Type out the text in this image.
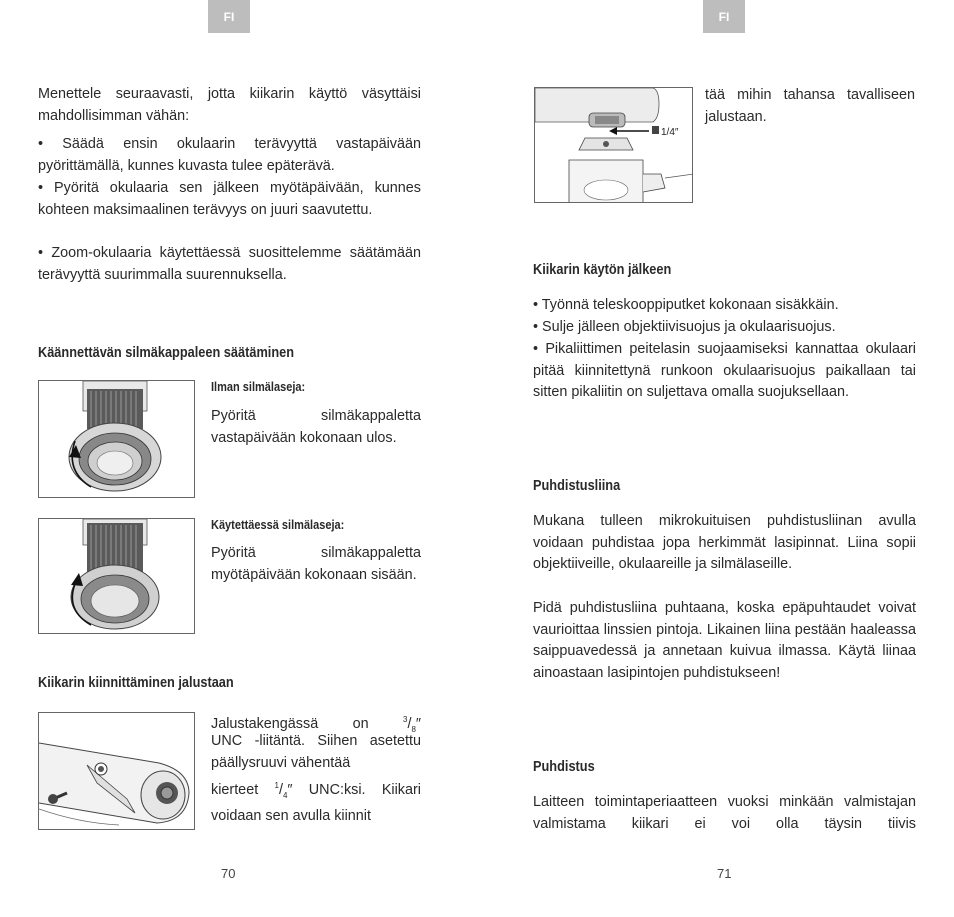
FI
Menettele seuraavasti, jotta kiikarin käyttö väsyttäisi mahdollisimman vähän:
• Säädä ensin okulaarin terävyyttä vastapäivään pyörittämällä, kunnes kuvasta tulee epäterävä.
• Pyöritä okulaaria sen jälkeen myötäpäivään, kunnes kohteen maksimaalinen terävyys on juuri saavutettu.
• Zoom-okulaaria käytettäessä suosittelemme säätämään terävyyttä suurimmalla suurennuksella.
Käännettävän silmäkappaleen säätäminen
Ilman silmälaseja:
Pyöritä silmäkappaletta vastapäivään kokonaan ulos.
Käytettäessä silmälaseja:
Pyöritä silmäkappaletta myötäpäivään kokonaan sisään.
Kiikarin kiinnittäminen jalustaan
Jalustakengässä on	$^3/_8''$
UNC -liitäntä. Siihen asetettu päällysruuvi vähentää
kierteet $^1/_4''$ UNC:ksi. Kiikari voidaan sen avulla kiinnit
70
FI
1/4″
tää mihin tahansa tavalliseen jalustaan.
Kiikarin käytön jälkeen
• Työnnä teleskooppiputket kokonaan sisäkkäin.
• Sulje jälleen objektiivisuojus ja okulaarisuojus.
• Pikaliittimen peitelasin suojaamiseksi kannattaa okulaari pitää kiinnitettynä runkoon okulaarisuojus paikallaan tai sitten pikaliitin on suljettava omalla suojuksellaan.
Puhdistusliina
Mukana tulleen mikrokuituisen puhdistusliinan avulla voidaan puhdistaa jopa herkimmät lasipinnat. Liina sopii objektiiveille, okulaareille ja silmälaseille.
Pidä puhdistusliina puhtaana, koska epäpuhtaudet voivat vaurioittaa linssien pintoja. Likainen liina pestään haaleassa saippuavedessä ja annetaan kuivua ilmassa. Käytä liinaa ainoastaan lasipintojen puhdistukseen!
Puhdistus
Laitteen toimintaperiaatteen vuoksi minkään valmistajan valmistama kiikari ei voi olla täysin tiivis
71
